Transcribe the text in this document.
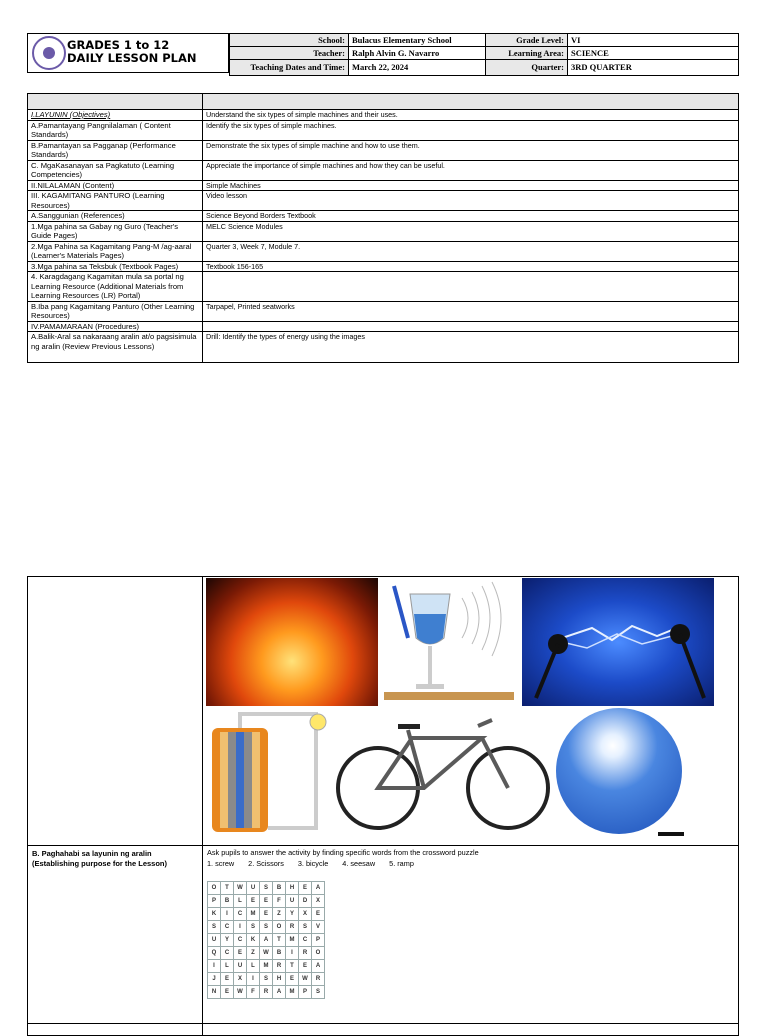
GRADES 1 to 12
DAILY LESSON PLAN
School:	Bulacus Elementary School	Grade Level:	VI
Teacher:	Ralph Alvin G. Navarro	Learning Area:	SCIENCE
Teaching Dates and Time:	March 22, 2024	Quarter:	3RD QUARTER

I.LAYUNIN (Objectives)	Understand the six types of simple machines and their uses.
A.Pamantayang Pangnilalaman ( Content Standards)	Identify the six types of simple machines.
B.Pamantayan sa Pagganap (Performance Standards)	Demonstrate the six types of simple machine and how to use them.
C. MgaKasanayan sa Pagkatuto (Learning Competencies)	Appreciate the importance of simple machines and how they can be useful.
II.NILALAMAN (Content)	Simple Machines
III. KAGAMITANG PANTURO (Learning Resources)	Video lesson
A.Sanggunian (References)	Science Beyond Borders Textbook
1.Mga pahina sa Gabay ng Guro (Teacher's Guide Pages)	MELC Science Modules
2.Mga Pahina sa Kagamitang Pang-M /ag-aaral (Learner's Materials Pages)	Quarter 3, Week 7, Module 7.
3.Mga pahina sa Teksbuk (Textbook Pages)	Textbook 156-165
4. Karagdagang Kagamitan mula sa portal ng Learning Resource (Additional Materials from Learning Resources (LR) Portal)	
B.Iba pang Kagamitang Panturo (Other Learning Resources)	Tarpapel, Printed seatworks
IV.PAMAMARAAN (Procedures)	
A.Balik-Aral sa nakaraang aralin at/o pagsisimula ng aralin (Review Previous Lessons)	Drill: Identify the types of energy using the images
B. Paghahabi sa layunin ng aralin (Establishing purpose for the Lesson)
Ask pupils to answer the activity by finding specific words from the crossword puzzle
1. screw 2. Scissors 3. bicycle 4. seesaw 5. ramp
O	T	W	U	S	B	H	E	A
P	B	L	E	E	F	U	D	X
K	I	C	M	E	Z	Y	X	E
S	C	I	S	S	O	R	S	V
U	Y	C	K	A	T	M	C	P
Q	C	E	Z	W	B	I	R	O
I	L	U	L	M	R	T	E	A
J	E	X	I	S	H	E	W	R
N	E	W	F	R	A	M	P	S
